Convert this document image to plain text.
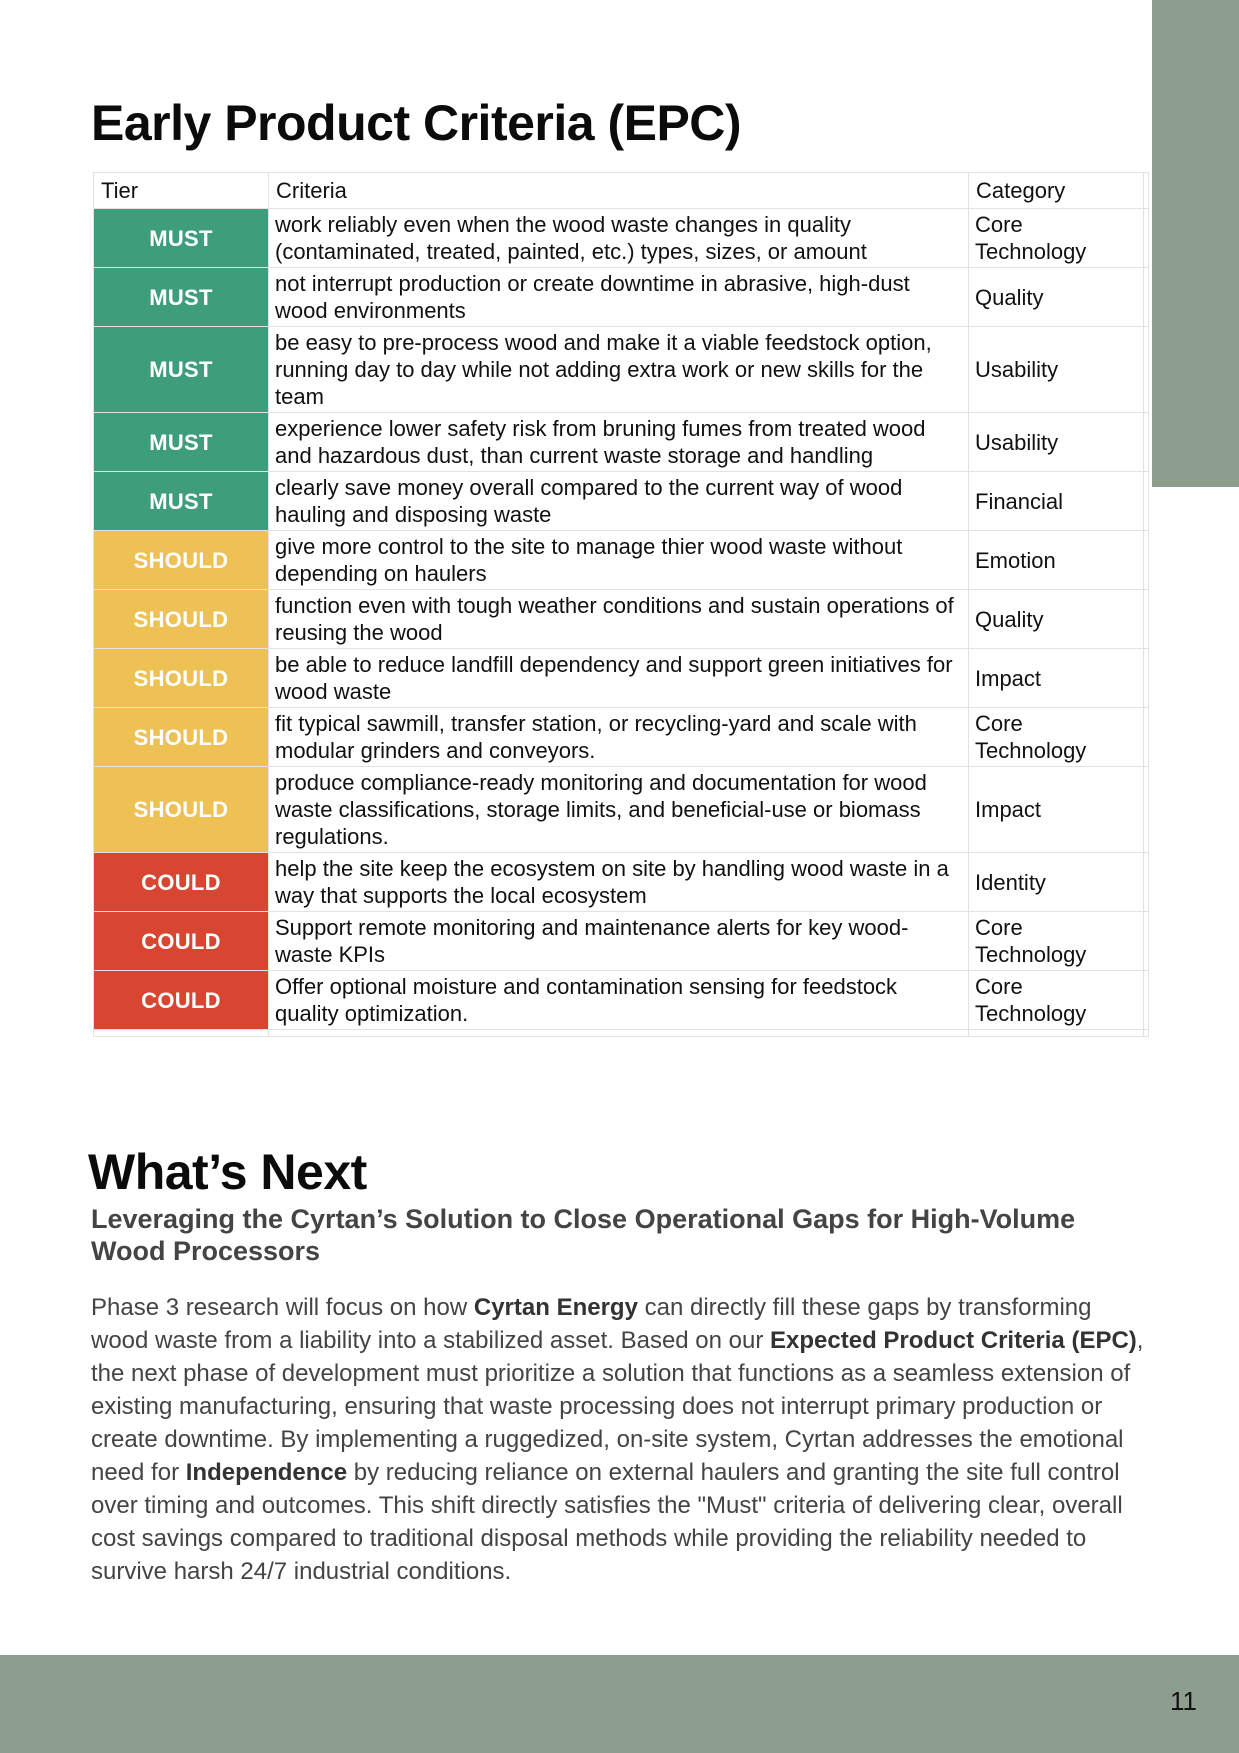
Early Product Criteria (EPC)
Tier	Criteria	Category	
MUST	work reliably even when the wood waste changes in quality (contaminated, treated, painted, etc.) types, sizes, or amount	Core Technology	
MUST	not interrupt production or create downtime in abrasive, high-dust wood environments	Quality	
MUST	be easy to pre-process wood and make it a viable feedstock option, running day to day while not adding extra work or new skills for the team	Usability	
MUST	experience lower safety risk from bruning fumes from treated wood and hazardous dust, than current waste storage and handling	Usability	
MUST	clearly save money overall compared to the current way of wood hauling and disposing waste	Financial	
SHOULD	give more control to the site to manage thier wood waste without depending on haulers	Emotion	
SHOULD	function even with tough weather conditions and sustain operations of reusing the wood	Quality	
SHOULD	be able to reduce landfill dependency and support green initiatives for wood waste	Impact	
SHOULD	fit typical sawmill, transfer station, or recycling-yard and scale with modular grinders and conveyors.	Core Technology	
SHOULD	produce compliance-ready monitoring and documentation for wood waste classifications, storage limits, and beneficial-use or biomass regulations.	Impact	
COULD	help the site keep the ecosystem on site by handling wood waste in a way that supports the local ecosystem	Identity	
COULD	Support remote monitoring and maintenance alerts for key wood-waste KPIs	Core Technology	
COULD	Offer optional moisture and contamination sensing for feedstock quality optimization.	Core Technology	

What’s Next

Leveraging the Cyrtan’s Solution to Close Operational Gaps for High-Volume Wood Processors

Phase 3 research will focus on how Cyrtan Energy can directly fill these gaps by transforming wood waste from a liability into a stabilized asset. Based on our Expected Product Criteria (EPC), the next phase of development must prioritize a solution that functions as a seamless extension of existing manufacturing, ensuring that waste processing does not interrupt primary production or create downtime. By implementing a ruggedized, on-site system, Cyrtan addresses the emotional need for Independence by reducing reliance on external haulers and granting the site full control over timing and outcomes. This shift directly satisfies the "Must" criteria of delivering clear, overall cost savings compared to traditional disposal methods while providing the reliability needed to survive harsh 24/7 industrial conditions.

11
